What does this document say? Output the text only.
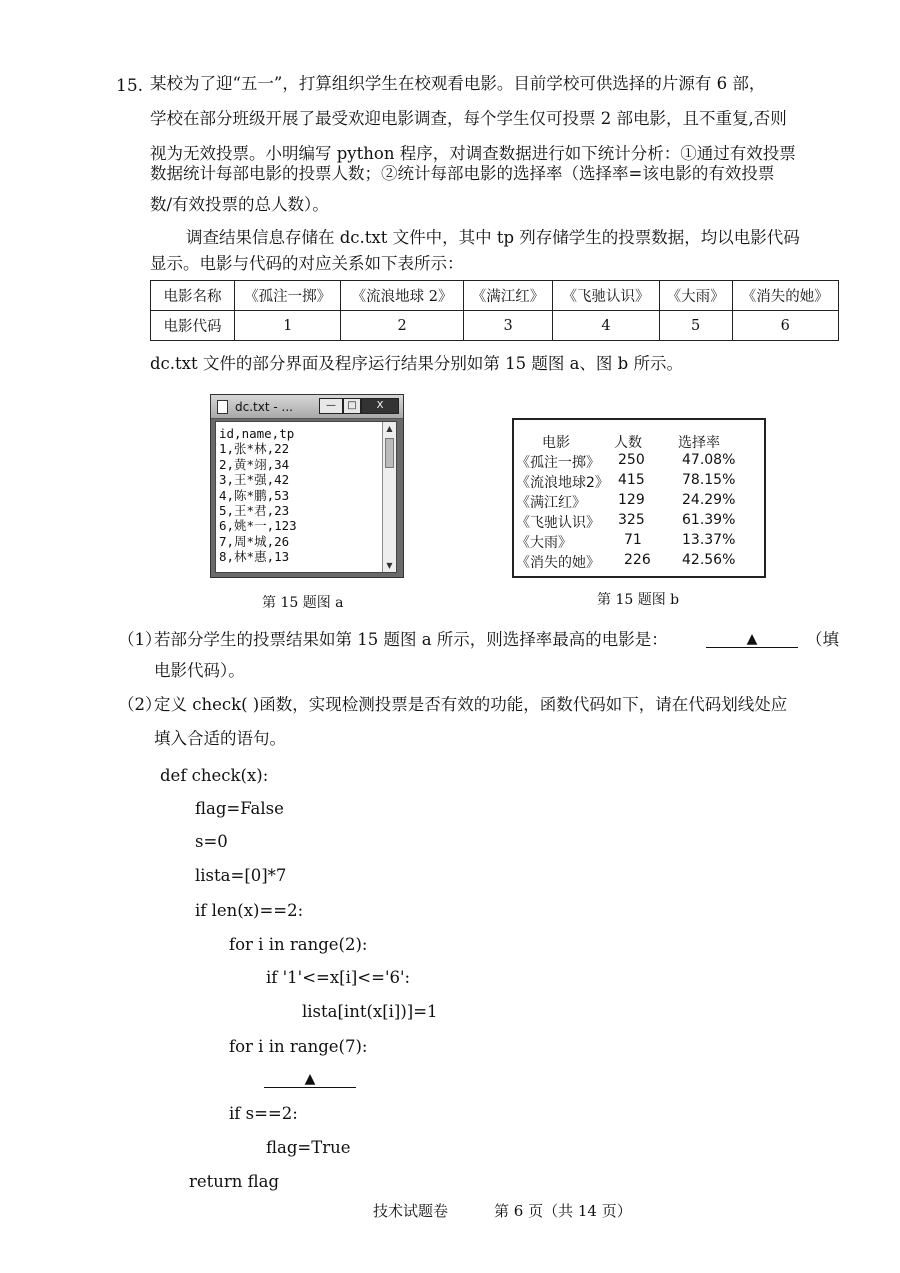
15. 某校为了迎“五一”，打算组织学生在校观看电影。目前学校可供选择的片源有 6 部，
学校在部分班级开展了最受欢迎电影调查，每个学生仅可投票 2 部电影，且不重复,否则
视为无效投票。小明编写 python 程序，对调查数据进行如下统计分析：①通过有效投票
数据统计每部电影的投票人数；②统计每部电影的选择率（选择率=该电影的有效投票
数/有效投票的总人数）。
调查结果信息存储在 dc.txt 文件中，其中 tp 列存储学生的投票数据，均以电影代码
显示。电影与代码的对应关系如下表所示：
电影名称	《孤注一掷》	《流浪地球 2》	《满江红》	《飞驰认识》	《大雨》	《消失的她》
电影代码	1	2	3	4	5	6
dc.txt 文件的部分界面及程序运行结果分别如第 15 题图 a、图 b 所示。
dc.txt - ...	—	□	X
id,name,tp
1,张*林,22
2,黄*翊,34
3,王*强,42
4,陈*鹏,53
5,王*君,23
6,姚*一,123
7,周*城,26
8,林*惠,13
▲
▼
第 15 题图 a
电影	人数	选择率
《孤注一掷》 250	47.08%
《流浪地球2》 415	78.15%
《满江红》 129	24.29%
《飞驰认识》 325	61.39%
《大雨》	71	13.37%
《消失的她》 226 42.56%
第 15 题图 b
（1）
若部分学生的投票结果如第 15 题图 a 所示，则选择率最高的电影是：	▲	（填
电影代码）。
（2）
定义 check( )函数，实现检测投票是否有效的功能，函数代码如下，请在代码划线处应
填入合适的语句。
def check(x):
flag=False
s=0
lista=[0]*7
if len(x)==2:
for i in range(2):
if '1'<=x[i]<='6':
lista[int(x[i])]=1
for i in range(7):
▲
if s==2:
flag=True
return flag
技术试题卷	第 6 页（共 14 页）
